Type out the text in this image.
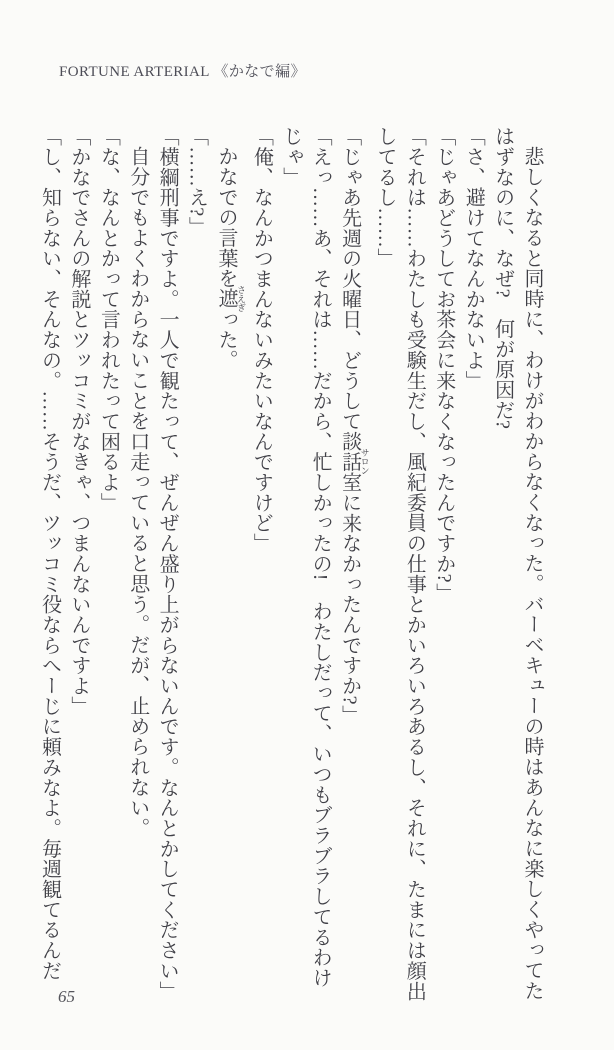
FORTUNE ARTERIAL 《かなで編》

悲しくなると同時に、わけがわからなくなった。バーベキューの時はあんなに楽しくやってたはずなのに、なぜ?　何が原因だ?

「さ、避けてなんかないよ」

「じゃあどうしてお茶会に来なくなったんですか?」

「それは……わたしも受験生だし、風紀委員の仕事とかいろいろあるし、それに、たまには顔出してるし……」

「じゃあ先週の火曜日、どうして談話室 サロンに来なかったんですか?」

「えっ……あ、それは……だから、忙しかったの!　わたしだって、いつもブラブラしてるわけじゃ」

「俺、なんかつまんないみたいなんですけど」

かなでの言葉を遮 さえぎった。

「……え?」

「横綱刑事ですよ。一人で観たって、ぜんぜん盛り上がらないんです。なんとかしてください」

自分でもよくわからないことを口走っていると思う。だが、止められない。

「な、なんとかって言われたって困るよ」

「かなでさんの解説とツッコミがなきゃ、つまんないんですよ」

「し、知らない、そんなの。……そうだ、ツッコミ役ならへーじに頼みなよ。毎週観てるんだ

65
